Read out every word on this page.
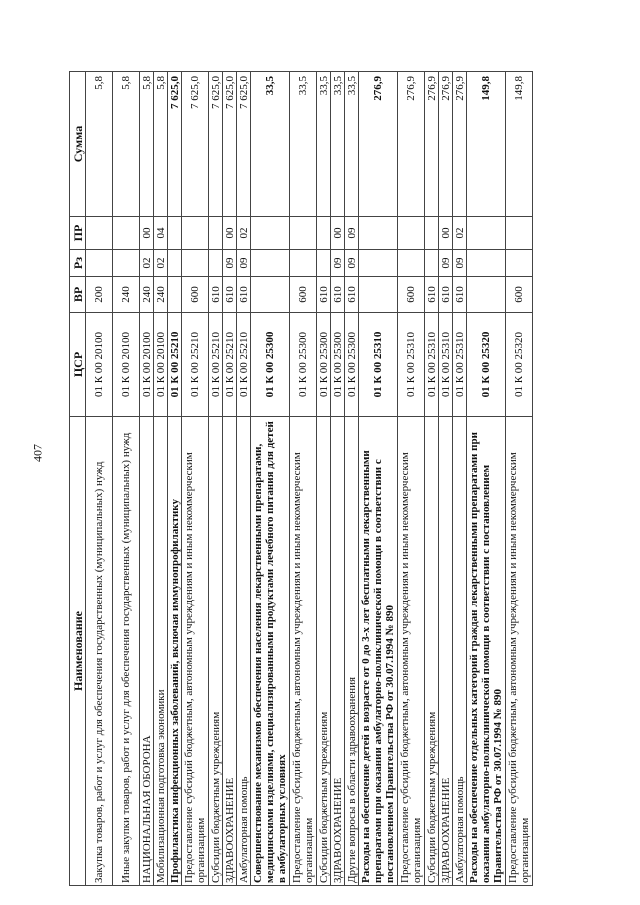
407
Наименование	ЦСР	ВР	Рз	ПР	Сумма
Закупка товаров, работ и услуг для обеспечения государственных (муниципальных) нужд	01 К 00 20100	200			5,8
Иные закупки товаров, работ и услуг для обеспечения государственных (муниципальных) нужд	01 К 00 20100	240			5,8
НАЦИОНАЛЬНАЯ ОБОРОНА	01 К 00 20100	240	02	00	5,8
Мобилизационная подготовка экономики	01 К 00 20100	240	02	04	5,8
Профилактика инфекционных заболеваний, включая иммунопрофилактику	01 К 00 25210				7 625,0
Предоставление субсидий бюджетным, автономным учреждениям и иным некоммерческим организациям	01 К 00 25210	600			7 625,0
Субсидии бюджетным учреждениям	01 К 00 25210	610			7 625,0
ЗДРАВООХРАНЕНИЕ	01 К 00 25210	610	09	00	7 625,0
Амбулаторная помощь	01 К 00 25210	610	09	02	7 625,0
Совершенствование механизмов обеспечения населения лекарственными препаратами, медицинскими изделиями, специализированными продуктами лечебного питания для детей в амбулаторных условиях	01 К 00 25300				33,5
Предоставление субсидий бюджетным, автономным учреждениям и иным некоммерческим организациям	01 К 00 25300	600			33,5
Субсидии бюджетным учреждениям	01 К 00 25300	610			33,5
ЗДРАВООХРАНЕНИЕ	01 К 00 25300	610	09	00	33,5
Другие вопросы в области здравоохранения	01 К 00 25300	610	09	09	33,5
Расходы на обеспечение детей в возрасте от 0 до 3-х лет бесплатными лекарственными препаратами при оказании амбулаторно-поликлинической помощи в соответствии с постановлением Правительства РФ от 30.07.1994 № 890	01 К 00 25310				276,9
Предоставление субсидий бюджетным, автономным учреждениям и иным некоммерческим организациям	01 К 00 25310	600			276,9
Субсидии бюджетным учреждениям	01 К 00 25310	610			276,9
ЗДРАВООХРАНЕНИЕ	01 К 00 25310	610	09	00	276,9
Амбулаторная помощь	01 К 00 25310	610	09	02	276,9
Расходы на обеспечение отдельных категорий граждан лекарственными препаратами при оказании амбулаторно-поликлинической помощи в соответствии с постановлением Правительства РФ от 30.07.1994 № 890	01 К 00 25320				149,8
Предоставление субсидий бюджетным, автономным учреждениям и иным некоммерческим организациям	01 К 00 25320	600			149,8
